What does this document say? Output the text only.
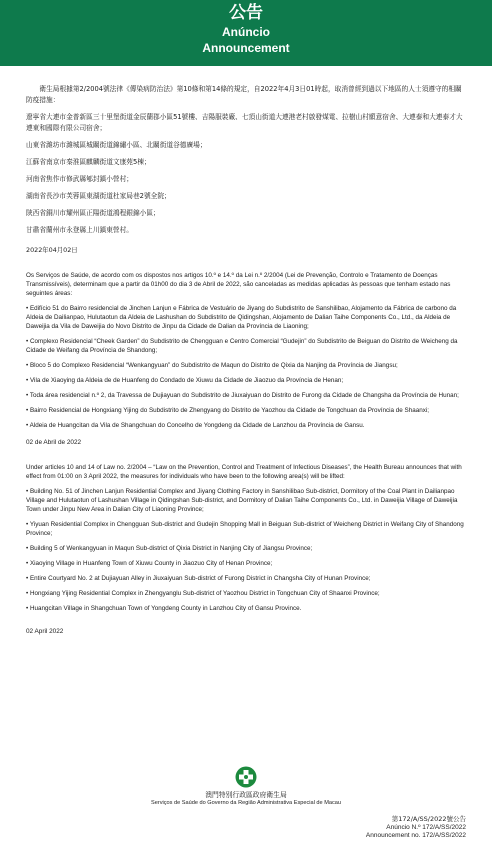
公告
Anúncio
Announcement

衛生局根據第2/2004號法律《傳染病防治法》第10條和第14條的規定，自2022年4月3日01時起，取消曾經到過以下地區的人士須遵守的相關防疫措施：

遼寧省大連市金普新區三十里堡街道金辰蘭郡小區51號樓、吉陽服裝廠、七頂山街道大連港老村啟發煤電、拉樹山村願意宿舍、大連泰和大連泰才大連東和國際有限公司宿舍；

山東省濰坊市濰城區城關街道錦繡小區、北關街道谷德廣場；

江蘇省南京市秦淮區麒麟街道文康苑5棟；

河南省焦作市修武縣郇封鎮小營村；

湖南省長沙市芙蓉區東湖街道杜家局巷2號全院；

陝西省銅川市耀州區正陽街道鴻程銀錦小區；

甘肅省蘭州市永登縣上川鎮東營村。

2022年04月02日

Os Serviços de Saúde, de acordo com os dispostos nos artigos 10.º e 14.º da Lei n.º 2/2004 (Lei de Prevenção, Controlo e Tratamento de Doenças Transmissíveis), determinam que a partir da 01h00 do dia 3 de Abril de 2022, são canceladas as medidas aplicadas às pessoas que tenham estado nas seguintes áreas:

• Edifício 51 do Bairro residencial de Jinchen Lanjun e Fábrica de Vestuário de Jiyang do Subdistrito de Sanshilibao, Alojamento da Fábrica de carbono da Aldeia de Dailianpao, Hulutaotun da Aldeia de Lashushan do Subdistrito de Qidingshan, Alojamento de Dalian Taihe Components Co., Ltd., da Aldeia de Daweijia da Vila de Daweijia do Novo Distrito de Jinpu da Cidade de Dalian da Província de Liaoning;

• Complexo Residencial “Cheek Garden” do Subdistrito de Chengguan e Centro Comercial “Gudejin” do Subdistrito de Beiguan do Distrito de Weicheng da Cidade de Weifang da Província de Shandong;

• Bloco 5 do Complexo Residencial “Wenkangyuan” do Subdistrito de Maqun do Distrito de Qixia da Nanjing da Província de Jiangsu;

• Vila de Xiaoying da Aldeia de de Huanfeng do Condado de Xiuwu da Cidade de Jiaozuo da Província de Henan;

• Toda área residencial n.º 2, da Travessa de Dujiayuan do Subdistrito de Jiuxaiyuan do Distrito de Furong da Cidade de Changsha da Província de Hunan;

• Bairro Residencial de Hongxiang Yijing do Subdistrito de Zhengyang do Distrito de Yaozhou da Cidade de Tongchuan da Província de Shaanxi;

• Aldeia de Huangcitan da Vila de Shangchuan do Concelho de Yongdeng da Cidade de Lanzhou da Província de Gansu.

02 de Abril de 2022

Under articles 10 and 14 of Law no. 2/2004 – “Law on the Prevention, Control and Treatment of Infectious Diseases”, the Health Bureau announces that with effect from 01:00 on 3 April 2022, the measures for individuals who have been to the following area(s) will be lifted:

• Building No. 51 of Jinchen Lanjun Residential Complex and Jiyang Clothing Factory in Sanshilibao Sub-district, Dormitory of the Coal Plant in Dailianpao Village and Hulutaotun of Lashushan Village in Qidingshan Sub-district, and Dormitory of Dalian Taihe Components Co., Ltd. in Daweijia Village of Daweijia Town under Jinpu New Area in Dalian City of Liaoning Province;

• Yiyuan Residential Complex in Chengguan Sub-district and Gudejin Shopping Mall in Beiguan Sub-district of Weicheng District in Weifang City of Shandong Province;

• Building 5 of Wenkangyuan in Maqun Sub-district of Qixia District in Nanjing City of Jiangsu Province;

• Xiaoying Village in Huanfeng Town of Xiuwu County in Jiaozuo City of Henan Province;

• Entire Courtyard No. 2 at Dujiayuan Alley in Jiuxaiyuan Sub-district of Furong District in Changsha City of Hunan Province;

• Hongxiang Yijing Residential Complex in Zhengyanglu Sub-district of Yaozhou District in Tongchuan City of Shaanxi Province;

• Huangcitan Village in Shangchuan Town of Yongdeng County in Lanzhou City of Gansu Province.

02 April 2022

澳門特別行政區政府衛生局
Serviços de Saúde do Governo da Região Administrativa Especial de Macau
第172/A/SS/2022號公告
Anúncio N.º 172/A/SS/2022
Announcement no. 172/A/SS/2022
